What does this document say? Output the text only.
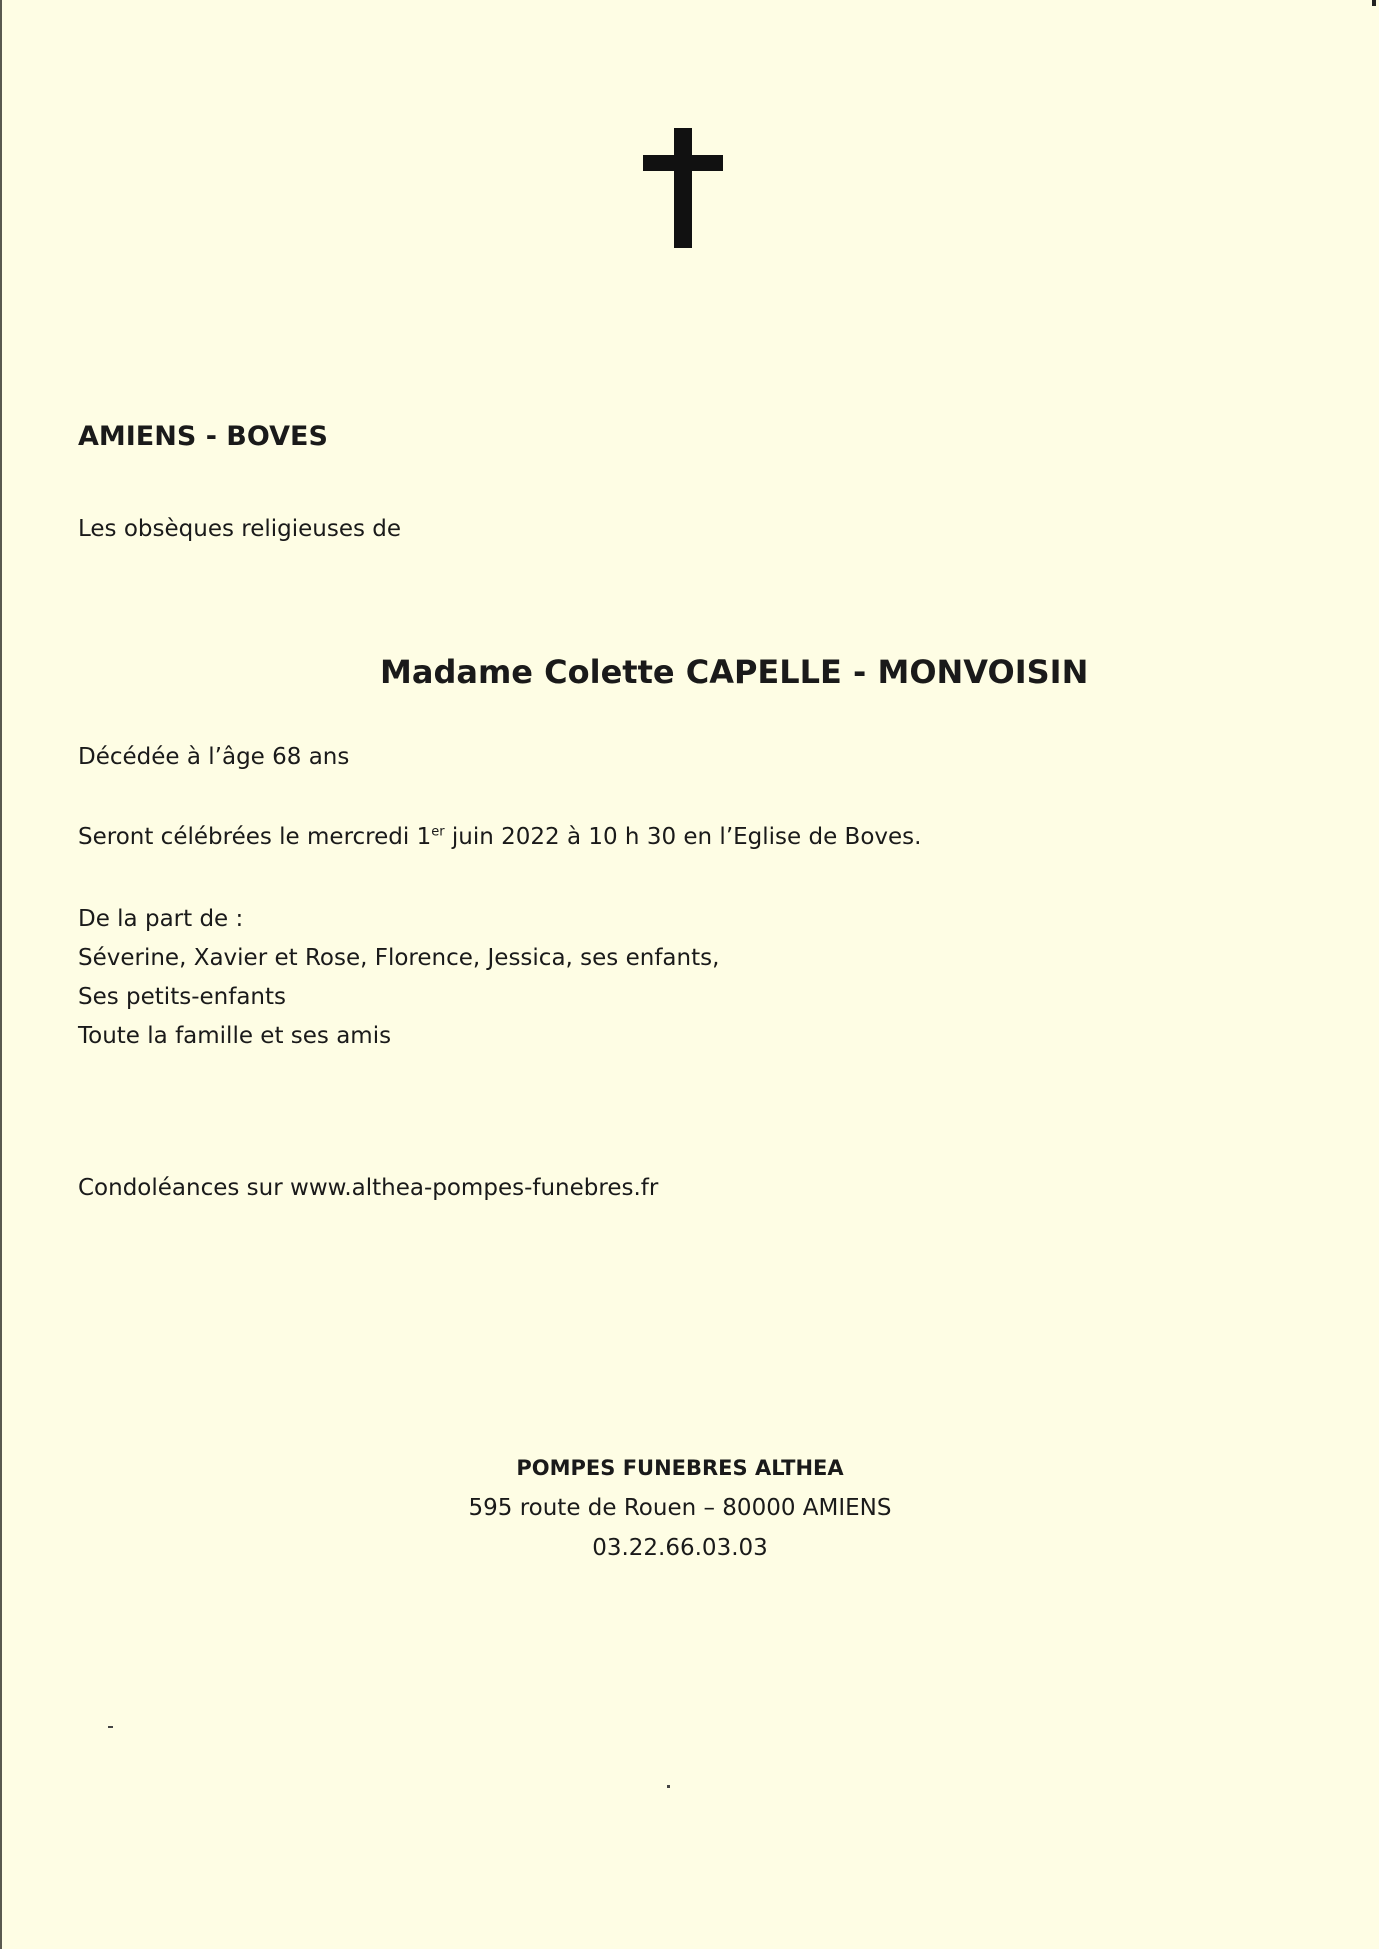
AMIENS - BOVES
Les obsèques religieuses de
Madame Colette CAPELLE - MONVOISIN
Décédée à l’âge 68 ans
Seront célébrées le mercredi 1er juin 2022 à 10 h 30 en l’Eglise de Boves.
De la part de :
Séverine, Xavier et Rose, Florence, Jessica, ses enfants,
Ses petits-enfants
Toute la famille et ses amis
Condoléances sur www.althea-pompes-funebres.fr
POMPES FUNEBRES ALTHEA
595 route de Rouen – 80000 AMIENS
03.22.66.03.03
